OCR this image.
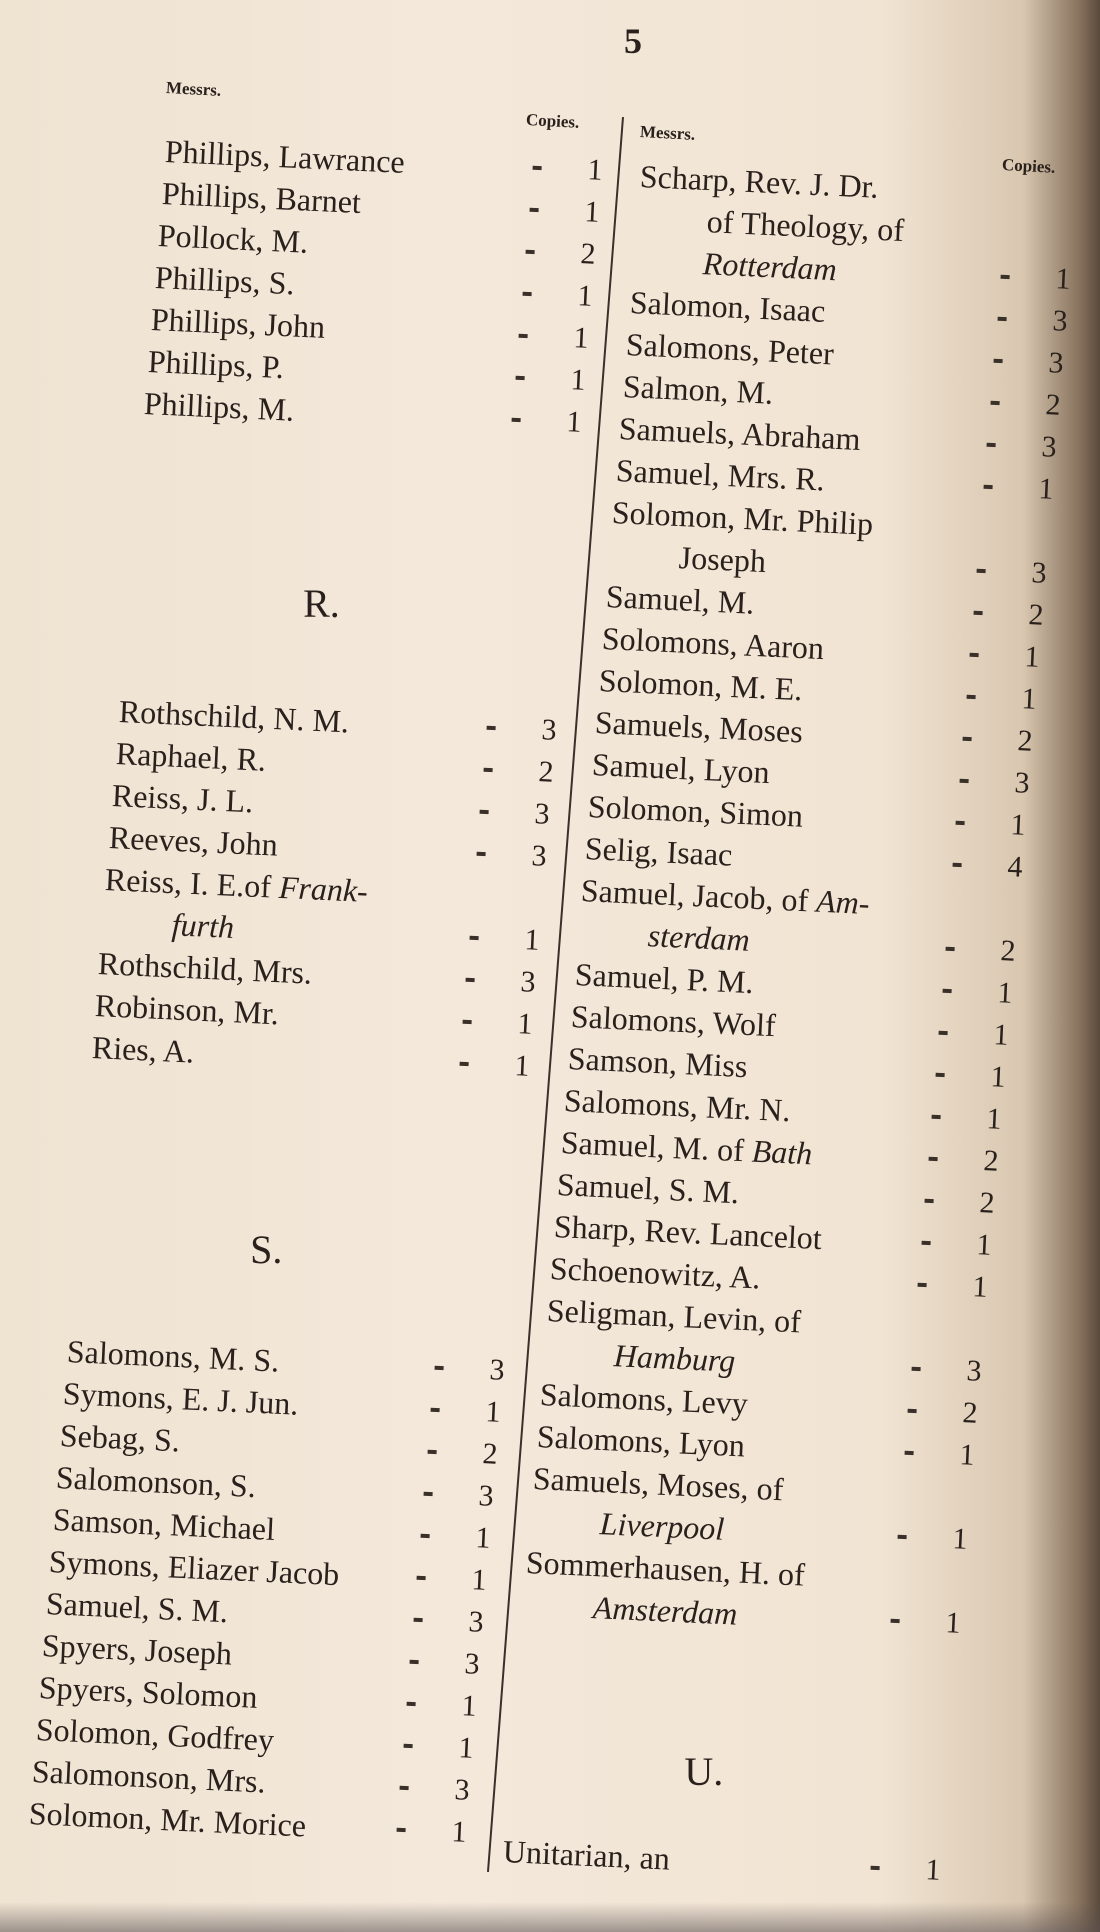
5
Messrs.
Copies.
Messrs.
Copies.
Phillips, Lawrance	1
Phillips, Barnet	1
Pollock, M.	2
Phillips, S.	1
Phillips, John	1
Phillips, P.	1
Phillips, M.	1
R.
Rothschild, N. M.	3
Raphael, R.	2
Reiss, J. L.	3
Reeves, John	3
Reiss, I. E.of Frank-
furth	1
Rothschild, Mrs.	3
Robinson, Mr.	1
Ries, A.	1
S.
Salomons, M. S.	3
Symons, E. J. Jun.	1
Sebag, S.	2
Salomonson, S.	3
Samson, Michael	1
Symons, Eliazer Jacob	1
Samuel, S. M.	3
Spyers, Joseph	3
Spyers, Solomon	1
Solomon, Godfrey	1
Salomonson, Mrs.	3
Solomon, Mr. Morice	1
Scharp, Rev. J. Dr.
of Theology, of
Rotterdam	1
Salomon, Isaac	3
Salomons, Peter	3
Salmon, M.	2
Samuels, Abraham	3
Samuel, Mrs. R.	1
Solomon, Mr. Philip
Joseph	3
Samuel, M.	2
Solomons, Aaron	1
Solomon, M. E.	1
Samuels, Moses	2
Samuel, Lyon	3
Solomon, Simon	1
Selig, Isaac	4
Samuel, Jacob, of Am-
sterdam	2
Samuel, P. M.	1
Salomons, Wolf	1
Samson, Miss	1
Salomons, Mr. N.	1
Samuel, M. of Bath	2
Samuel, S. M.	2
Sharp, Rev. Lancelot	1
Schoenowitz, A.	1
Seligman, Levin, of
Hamburg	3
Salomons, Levy	2
Salomons, Lyon	1
Samuels, Moses, of
Liverpool	1
Sommerhausen, H. of
Amsterdam	1
U.
Unitarian, an	1
